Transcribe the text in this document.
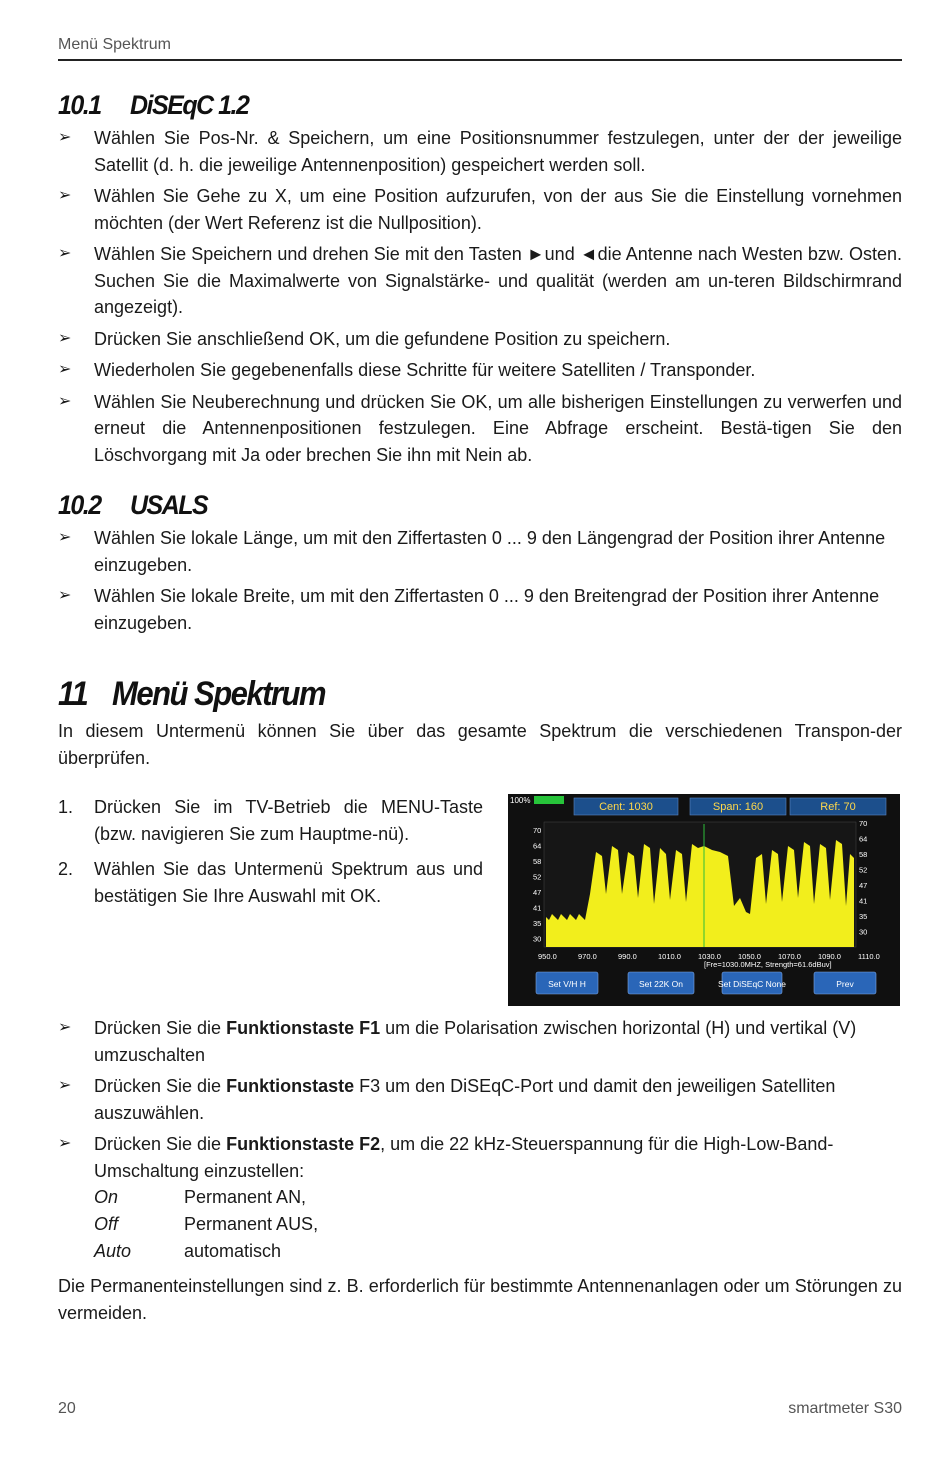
Menü Spektrum
10.1 DiSEqC 1.2
➢	Wählen Sie Pos-Nr. & Speichern, um eine Positionsnummer festzulegen, unter der der jeweilige Satellit (d. h. die jeweilige Antennenposition) gespeichert werden soll.
➢	Wählen Sie Gehe zu X, um eine Position aufzurufen, von der aus Sie die Einstellung vornehmen möchten (der Wert Referenz ist die Nullposition).
➢	Wählen Sie Speichern und drehen Sie mit den Tasten ►und ◄die Antenne nach Westen bzw. Osten. Suchen Sie die Maximalwerte von Signalstärke- und qualität (werden am un-teren Bildschirmrand angezeigt).
➢	Drücken Sie anschließend OK, um die gefundene Position zu speichern.
➢	Wiederholen Sie gegebenenfalls diese Schritte für weitere Satelliten / Transponder.
➢	Wählen Sie Neuberechnung und drücken Sie OK, um alle bisherigen Einstellungen zu verwerfen und erneut die Antennenpositionen festzulegen. Eine Abfrage erscheint. Bestä-tigen Sie den Löschvorgang mit Ja oder brechen Sie ihn mit Nein ab.
10.2 USALS
➢	Wählen Sie lokale Länge, um mit den Ziffertasten 0 ... 9 den Längengrad der Position ihrer Antenne einzugeben.
➢	Wählen Sie lokale Breite, um mit den Ziffertasten 0 ... 9 den Breitengrad der Position ihrer Antenne einzugeben.
11 Menü Spektrum
In diesem Untermenü können Sie über das gesamte Spektrum die verschiedenen Transpon-der überprüfen.
1. Drücken Sie im TV-Betrieb die MENU-Taste (bzw. navigieren Sie zum Hauptme-nü).
2. Wählen Sie das Untermenü Spektrum aus und bestätigen Sie Ihre Auswahl mit OK.
100%
Cent: 1030	Span: 160	Ref: 70
70
64
58
52
47
41
35
30
70
64
58
52
47
41
35
30
950.0	970.0	990.0	1010.0 1030.0 1050.0 1070.0 1090.0 1110.0
[Fre=1030.0MHZ, Strength=61.6dBuv]
Set V/H H	Set 22K On	Set DiSEqC None	Prev
➢	Drücken Sie die Funktionstaste F1 um die Polarisation zwischen horizontal (H) und vertikal (V) umzuschalten
➢	Drücken Sie die Funktionstaste F3 um den DiSEqC-Port und damit den jeweiligen Satelliten auszuwählen.
➢	Drücken Sie die Funktionstaste F2, um die 22 kHz-Steuerspannung für die High-Low-Band-Umschaltung einzustellen:
On	Permanent AN,
Off	Permanent AUS,
Auto	automatisch
Die Permanenteinstellungen sind z. B. erforderlich für bestimmte Antennenanlagen oder um Störungen zu vermeiden.
20	smartmeter S30
